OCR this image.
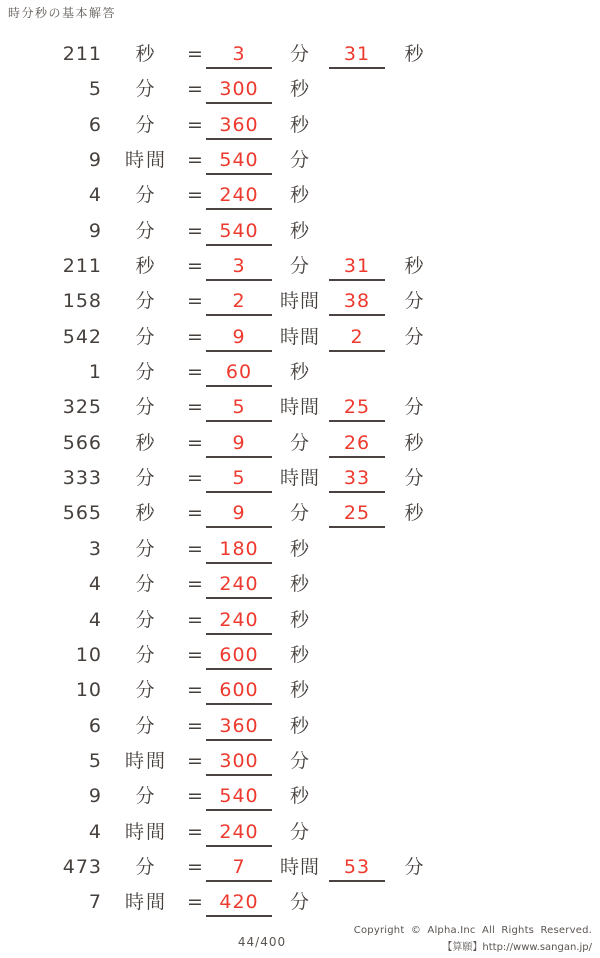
時分秒の基本解答
211	秒	=	3	分	31	秒
5	分	= 300	秒
6	分	= 360	秒
9	時間	= 540	分
4	分	= 240	秒
9	分	= 540	秒
211	秒	=	3	分	31	秒
158	分	=	2	時間	38	分
542	分	=	9	時間	2	分
1	分	=	60	秒
325	分	=	5	時間	25	分
566	秒	=	9	分	26	秒
333	分	=	5	時間	33	分
565	秒	=	9	分	25	秒
3	分	= 180	秒
4	分	= 240	秒
4	分	= 240	秒
10	分	= 600	秒
10	分	= 600	秒
6	分	= 360	秒
5	時間	= 300	分
9	分	= 540	秒
4	時間	= 240	分
473	分	=	7	時間	53	分
7	時間	= 420	分
44/400
Copyright © Alpha.Inc All Rights Reserved.
【算願】http://www.sangan.jp/
